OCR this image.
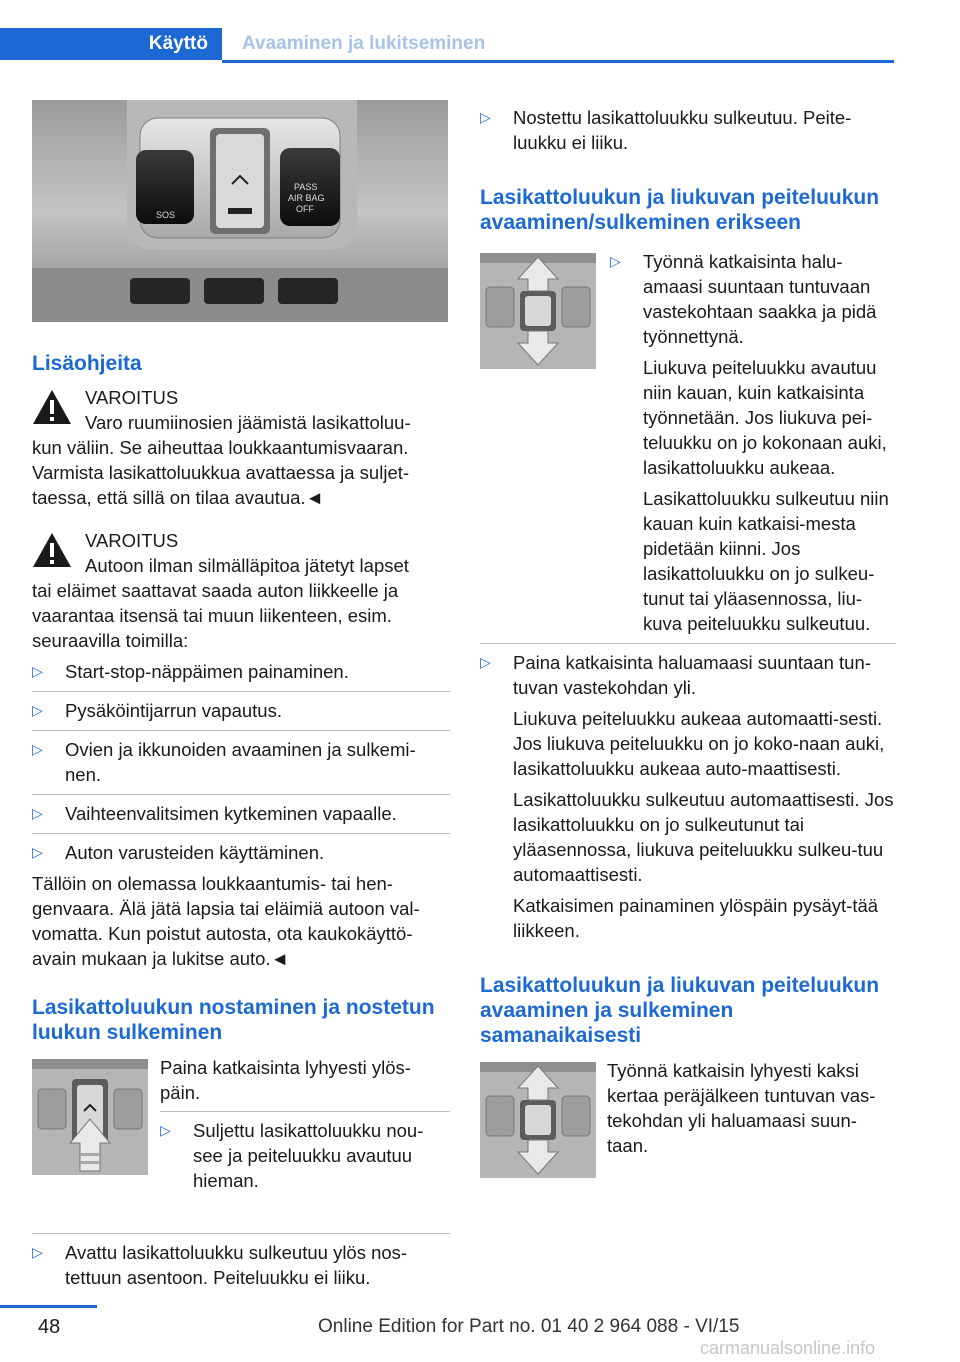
Käyttö	Avaaminen ja lukitseminen
SOS
PASS
AIR BAG
OFF

Lisäohjeita

VAROITUS
Varo ruumiinosien jäämistä lasikattoluu-

kun väliin. Se aiheuttaa loukkaantumisvaaran. Varmista lasikattoluukkua avattaessa ja suljet-taessa, että sillä on tilaa avautua.◄

VAROITUS
Autoon ilman silmälläpitoa jätetyt lapset

tai eläimet saattavat saada auton liikkeelle ja vaarantaa itsensä tai muun liikenteen, esim. seuraavilla toimilla:

▷ Start-stop-näppäimen painaminen.
▷ Pysäköintijarrun vapautus.
▷ Ovien ja ikkunoiden avaaminen ja sulkemi-nen.
▷ Vaihteenvalitsimen kytkeminen vapaalle.
▷ Auton varusteiden käyttäminen.

Tällöin on olemassa loukkaantumis- tai hen-genvaara. Älä jätä lapsia tai eläimiä autoon val-vomatta. Kun poistut autosta, ota kaukokäyttö-avain mukaan ja lukitse auto.◄

Lasikattoluukun nostaminen ja nostetun luukun sulkeminen

Paina katkaisinta lyhyesti ylös-päin.

▷ Suljettu lasikattoluukku nou-see ja peiteluukku avautuu hieman.
▷ Avattu lasikattoluukku sulkeutuu ylös nos-tettuun asentoon. Peiteluukku ei liiku.
▷ Nostettu lasikattoluukku sulkeutuu. Peite-luukku ei liiku.

Lasikattoluukun ja liukuvan peiteluukun avaaminen/sulkeminen erikseen

▷ Työnnä katkaisinta halu-amaasi suuntaan tuntuvaan vastekohtaan saakka ja pidä työnnettynä.
Liukuva peiteluukku avautuu niin kauan, kuin katkaisinta työnnetään. Jos liukuva pei-teluukku on jo kokonaan auki, lasikattoluukku aukeaa.
Lasikattoluukku sulkeutuu niin kauan kuin katkaisi-mesta pidetään kiinni. Jos lasikattoluukku on jo sulkeu-tunut tai yläasennossa, liu-kuva peiteluukku sulkeutuu.
▷ Paina katkaisinta haluamaasi suuntaan tun-tuvan vastekohdan yli.
Liukuva peiteluukku aukeaa automaatti-sesti. Jos liukuva peiteluukku on jo koko-naan auki, lasikattoluukku aukeaa auto-maattisesti.
Lasikattoluukku sulkeutuu automaattisesti. Jos lasikattoluukku on jo sulkeutunut tai yläasennossa, liukuva peiteluukku sulkeu-tuu automaattisesti.
Katkaisimen painaminen ylöspäin pysäyt-tää liikkeen.

Lasikattoluukun ja liukuvan peiteluukun avaaminen ja sulkeminen samanaikaisesti

Työnnä katkaisin lyhyesti kaksi kertaa peräjälkeen tuntuvan vas-tekohdan yli haluamaasi suun-taan.

48	Online Edition for Part no. 01 40 2 964 088 - VI/15
carmanualsonline.info
